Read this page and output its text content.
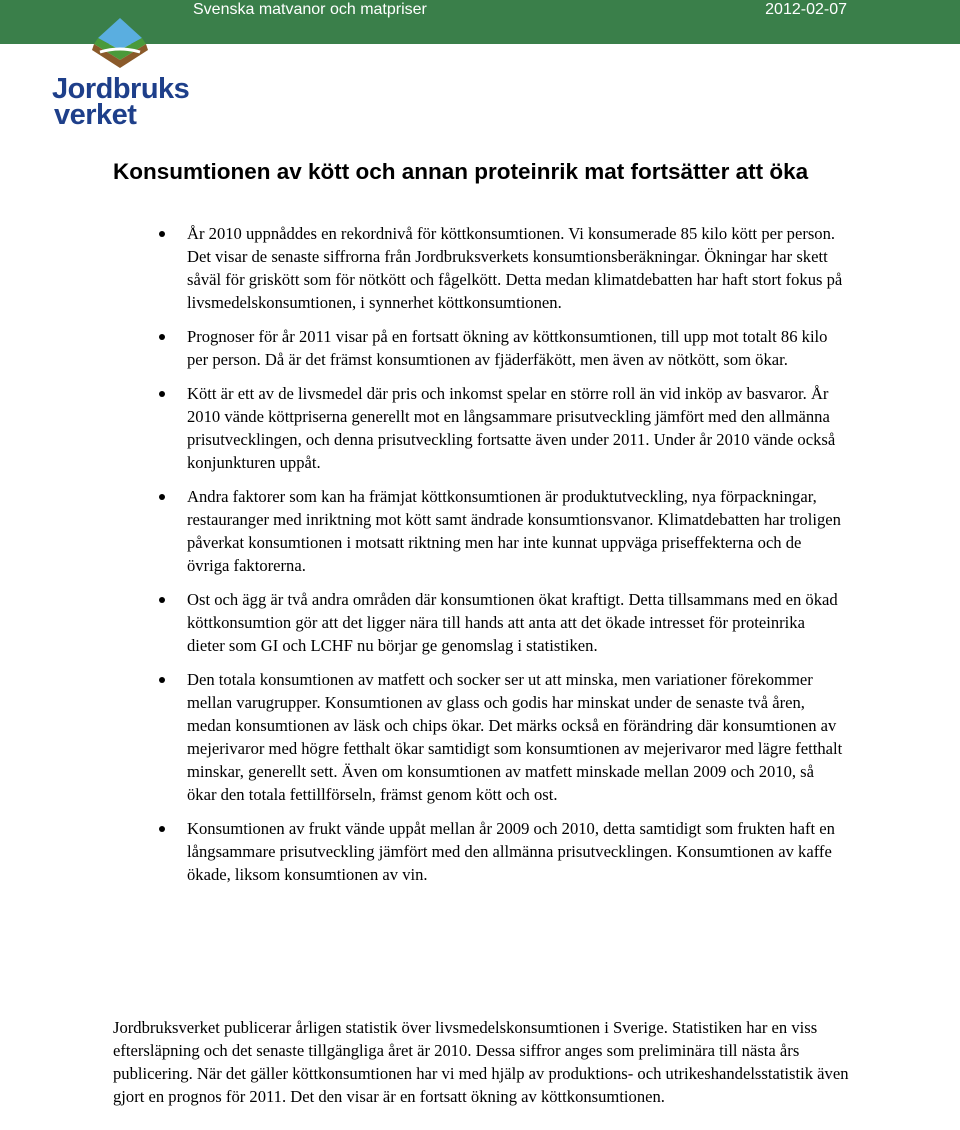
Svenska matvanor och matpriser	2012-02-07
Jordbruks
verket
Konsumtionen av kött och annan proteinrik mat fortsätter att öka
År 2010 uppnåddes en rekordnivå för köttkonsumtionen. Vi konsumerade 85 kilo kött per person. Det visar de senaste siffrorna från Jordbruksverkets konsumtionsberäkningar. Ökningar har skett såväl för griskött som för nötkött och fågelkött. Detta medan klimatdebatten har haft stort fokus på livsmedelskonsumtionen, i synnerhet köttkonsumtionen.
Prognoser för år 2011 visar på en fortsatt ökning av köttkonsumtionen, till upp mot totalt 86 kilo per person. Då är det främst konsumtionen av fjäderfäkött, men även av nötkött, som ökar.
Kött är ett av de livsmedel där pris och inkomst spelar en större roll än vid inköp av basvaror. År 2010 vände köttpriserna generellt mot en långsammare prisutveckling jämfört med den allmänna prisutvecklingen, och denna prisutveckling fortsatte även under 2011. Under år 2010 vände också konjunkturen uppåt.
Andra faktorer som kan ha främjat köttkonsumtionen är produktutveckling, nya förpackningar, restauranger med inriktning mot kött samt ändrade konsumtionsvanor. Klimatdebatten har troligen påverkat konsumtionen i motsatt riktning men har inte kunnat uppväga priseffekterna och de övriga faktorerna.
Ost och ägg är två andra områden där konsumtionen ökat kraftigt. Detta tillsammans med en ökad köttkonsumtion gör att det ligger nära till hands att anta att det ökade intresset för proteinrika dieter som GI och LCHF nu börjar ge genomslag i statistiken.
Den totala konsumtionen av matfett och socker ser ut att minska, men variationer förekommer mellan varugrupper. Konsumtionen av glass och godis har minskat under de senaste två åren, medan konsumtionen av läsk och chips ökar. Det märks också en förändring där konsumtionen av mejerivaror med högre fetthalt ökar samtidigt som konsumtionen av mejerivaror med lägre fetthalt minskar, generellt sett. Även om konsumtionen av matfett minskade mellan 2009 och 2010, så ökar den totala fettillförseln, främst genom kött och ost.
Konsumtionen av frukt vände uppåt mellan år 2009 och 2010, detta samtidigt som frukten haft en långsammare prisutveckling jämfört med den allmänna prisutvecklingen. Konsumtionen av kaffe ökade, liksom konsumtionen av vin.

Jordbruksverket publicerar årligen statistik över livsmedelskonsumtionen i Sverige. Statistiken har en viss eftersläpning och det senaste tillgängliga året är 2010. Dessa siffror anges som preliminära till nästa års publicering. När det gäller köttkonsumtionen har vi med hjälp av produktions- och utrikeshandelsstatistik även gjort en prognos för 2011. Det den visar är en fortsatt ökning av köttkonsumtionen.
